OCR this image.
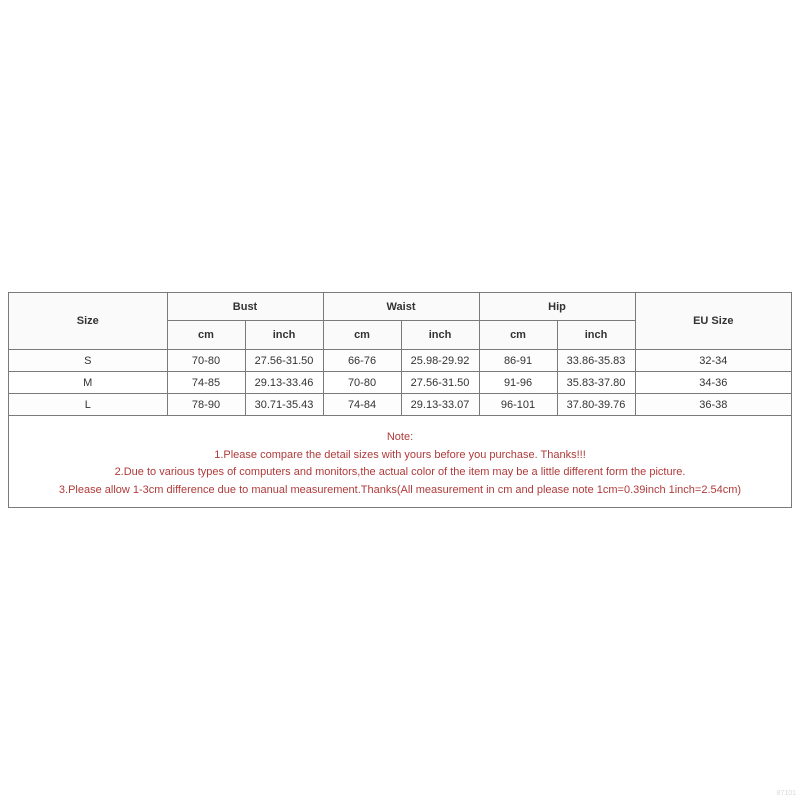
Size	Bust		Waist		Hip		EU Size
	cm	inch	cm	inch	cm	inch	
S	70-80	27.56-31.50	66-76	25.98-29.92	86-91	33.86-35.83	32-34
M	74-85	29.13-33.46	70-80	27.56-31.50	91-96	35.83-37.80	34-36
L	78-90	30.71-35.43	74-84	29.13-33.07	96-101	37.80-39.76	36-38
Note:
1.Please compare the detail sizes with yours before you purchase. Thanks!!!
2.Due to various types of computers and monitors,the actual color of the item may be a little different form the picture.
3.Please allow 1-3cm difference due to manual measurement.Thanks(All measurement in cm and please note 1cm=0.39inch 1inch=2.54cm)
87101
